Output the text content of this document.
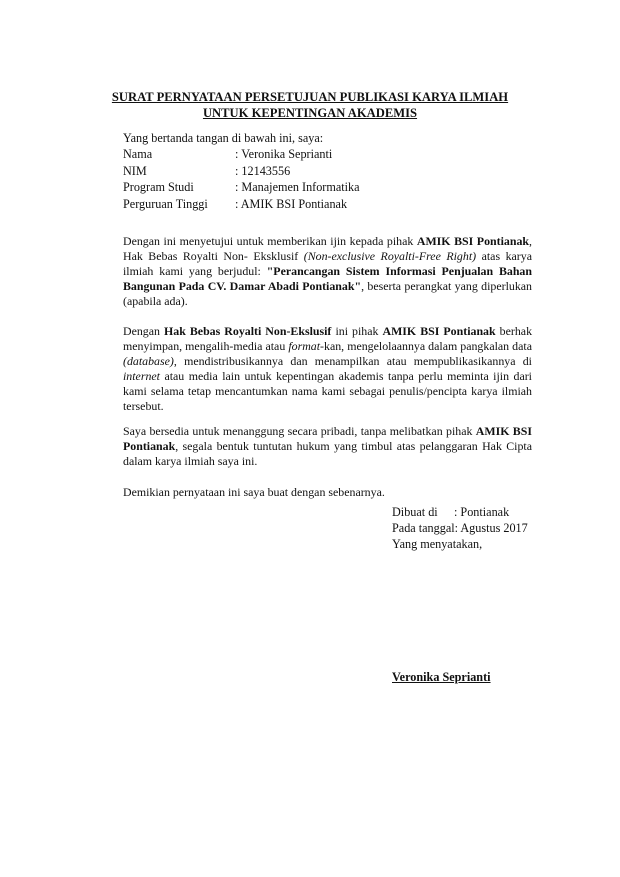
SURAT PERNYATAAN PERSETUJUAN PUBLIKASI KARYA ILMIAH
UNTUK KEPENTINGAN AKADEMIS
Yang bertanda tangan di bawah ini, saya:
Nama	: Veronika Seprianti
NIM	: 12143556
Program Studi	: Manajemen Informatika
Perguruan Tinggi	: AMIK BSI Pontianak
Dengan ini menyetujui untuk memberikan ijin kepada pihak AMIK BSI Pontianak, Hak Bebas Royalti Non- Eksklusif (Non-exclusive Royalti-Free Right) atas karya ilmiah kami yang berjudul: "Perancangan Sistem Informasi Penjualan Bahan Bangunan Pada CV. Damar Abadi Pontianak", beserta perangkat yang diperlukan (apabila ada).
Dengan Hak Bebas Royalti Non-Ekslusif ini pihak AMIK BSI Pontianak berhak menyimpan, mengalih-media atau format-kan, mengelolaannya dalam pangkalan data (database), mendistribusikannya dan menampilkan atau mempublikasikannya di internet atau media lain untuk kepentingan akademis tanpa perlu meminta ijin dari kami selama tetap mencantumkan nama kami sebagai penulis/pencipta karya ilmiah tersebut.
Saya bersedia untuk menanggung secara pribadi, tanpa melibatkan pihak AMIK BSI Pontianak, segala bentuk tuntutan hukum yang timbul atas pelanggaran Hak Cipta dalam karya ilmiah saya ini.
Demikian pernyataan ini saya buat dengan sebenarnya.
Dibuat di : Pontianak
Pada tanggal: Agustus 2017
Yang menyatakan,
Veronika Seprianti
